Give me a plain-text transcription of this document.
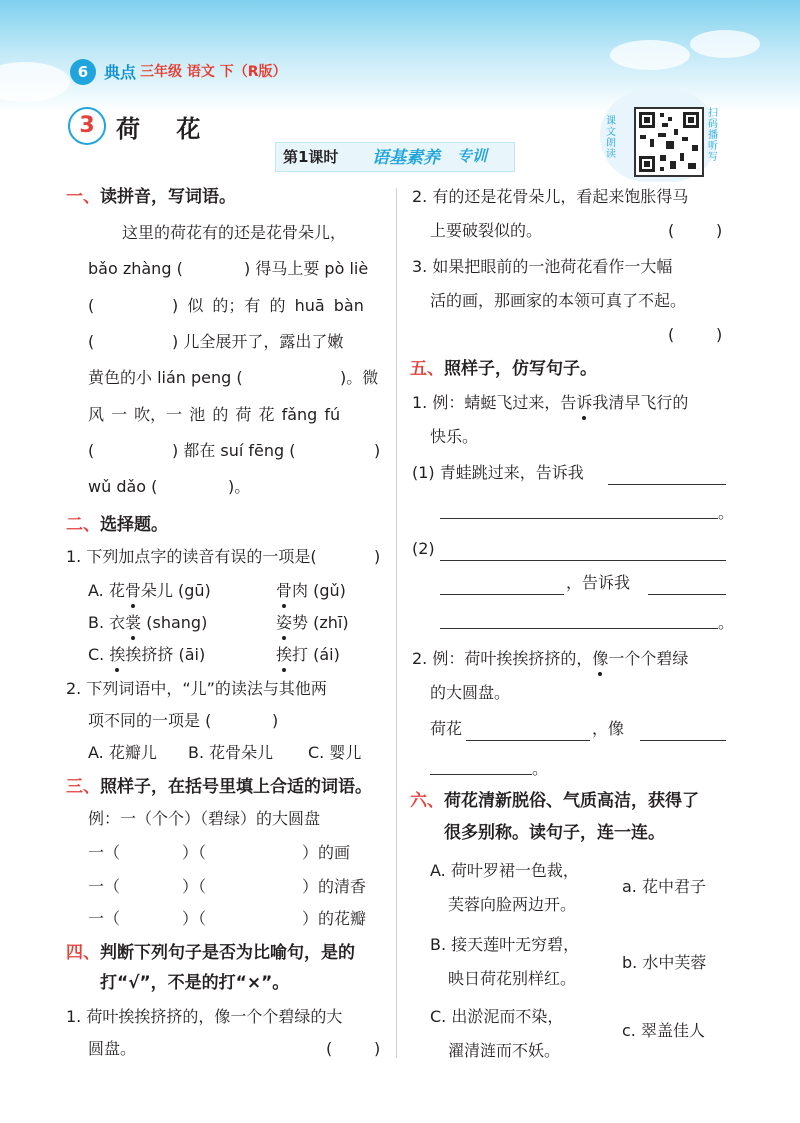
6 典点 三年级 语文 下（R版）
3 荷 花
第1课时 语基素养 专训
课文朗读
扫码播听写
一、读拼音，写词语。
这里的荷花有的还是花骨朵儿，
bǎo zhàng (	) 得马上要 pò liè
(	) 似 的；有 的 huā bàn
(	) 儿全展开了，露出了嫩
黄色的小 lián peng (	)。微
风 一 吹，一 池 的 荷 花 fǎng fú
(	) 都在 suí fēng (	)
wǔ dǎo (	)。
二、选择题。
1. 下列加点字的读音有误的一项是(	)
A. 花骨朵儿 (gū)	骨肉 (gǔ)
B. 衣裳 (shang)	姿势 (zhī)
C. 挨挨挤挤 (āi)	挨打 (ái)
2. 下列词语中，“儿”的读法与其他两
项不同的一项是 (	)
A. 花瓣儿 B. 花骨朵儿 C. 婴儿
三、照样子，在括号里填上合适的词语。
例：一（个个）（碧绿）的大圆盘
一（	）（	）的画
一（	）（	）的清香
一（	）（	）的花瓣
四、判断下列句子是否为比喻句，是的
打“√”，不是的打“×”。
1. 荷叶挨挨挤挤的，像一个个碧绿的大
圆盘。	(	)
2. 有的还是花骨朵儿，看起来饱胀得马
上要破裂似的。	(	)
3. 如果把眼前的一池荷花看作一大幅
活的画，那画家的本领可真了不起。
(	)
五、照样子，仿写句子。
1. 例：蜻蜓飞过来，告诉我清早飞行的
快乐。
(1) 青蛙跳过来，告诉我
。
(2)
，告诉我
。
2. 例：荷叶挨挨挤挤的，像一个个碧绿
的大圆盘。
荷花	，像
。
六、荷花清新脱俗、气质高洁，获得了
很多别称。读句子，连一连。
A. 荷叶罗裙一色裁，
芙蓉向脸两边开。
a. 花中君子
B. 接天莲叶无穷碧，
映日荷花别样红。
b. 水中芙蓉
C. 出淤泥而不染，
濯清涟而不妖。
c. 翠盖佳人
